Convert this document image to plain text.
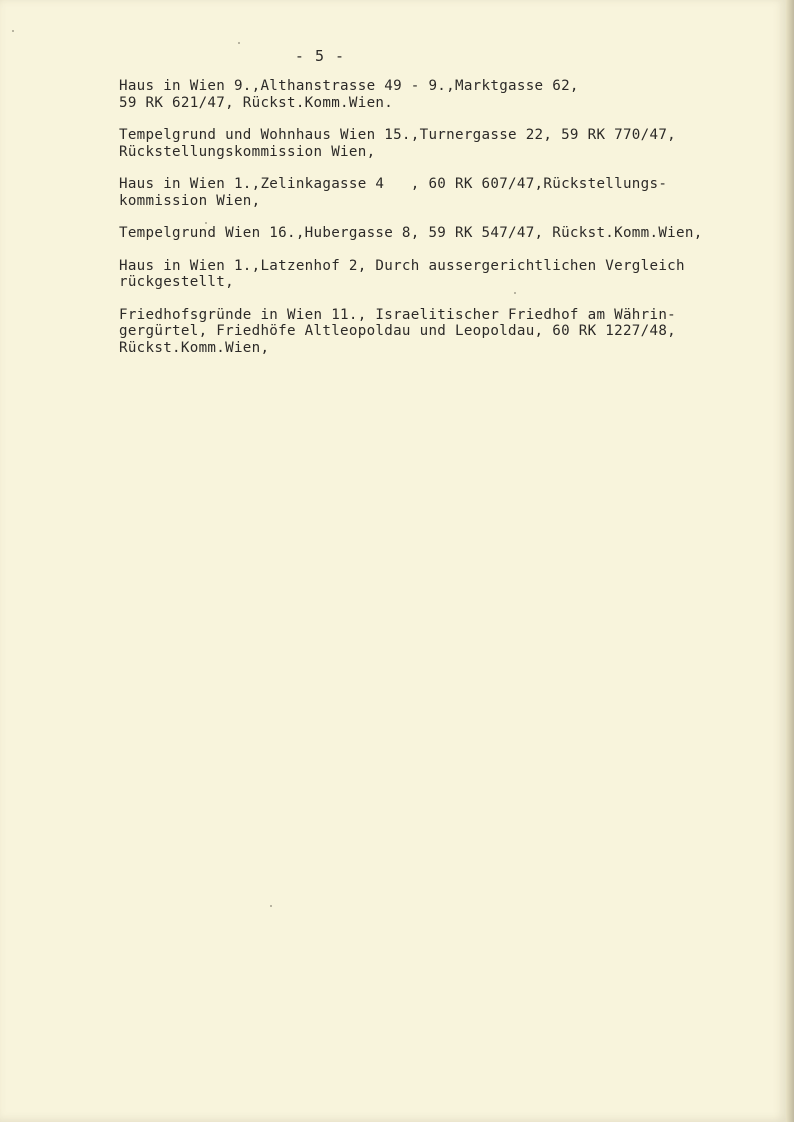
- 5 -
Haus in Wien 9.,Althanstrasse 49 - 9.,Marktgasse 62,
59 RK 621/47, Rückst.Komm.Wien.
Tempelgrund und Wohnhaus Wien 15.,Turnergasse 22, 59 RK 770/47,
Rückstellungskommission Wien,
Haus in Wien 1.,Zelinkagasse 4   , 60 RK 607/47,Rückstellungs-
kommission Wien,
Tempelgrund Wien 16.,Hubergasse 8, 59 RK 547/47, Rückst.Komm.Wien,
Haus in Wien 1.,Latzenhof 2, Durch aussergerichtlichen Vergleich
rückgestellt,
Friedhofsgründe in Wien 11., Israelitischer Friedhof am Währin-
gergürtel, Friedhöfe Altleopoldau und Leopoldau, 60 RK 1227/48,
Rückst.Komm.Wien,
